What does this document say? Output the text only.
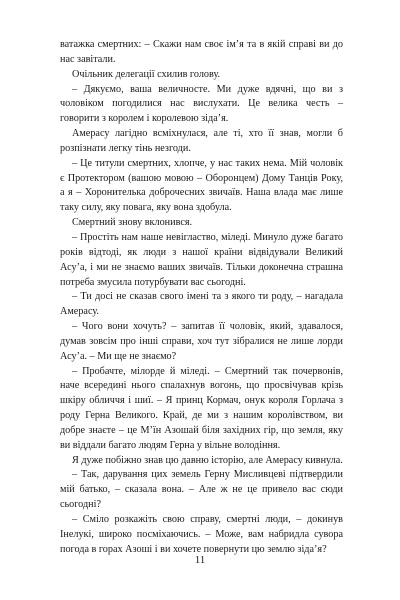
ватажка смертних: – Скажи нам своє ім’я та в якій справі ви до нас завітали.

Очільник делегації схилив голову.

– Дякуємо, ваша величносте. Ми дуже вдячні, що ви з чоловіком погодилися нас вислухати. Це велика честь – говорити з королем і королевою зіда’я.

Амерасу лагідно всміхнулася, але ті, хто її знав, могли б розпізнати легку тінь незгоди.

– Це титули смертних, хлопче, у нас таких нема. Мій чоловік є Протектором (вашою мовою – Оборонцем) Дому Танців Року, а я – Хоронителька доброчесних звичаїв. Наша влада має лише таку силу, яку повага, яку вона здобула.

Смертний знову вклонився.

– Простіть нам наше невігластво, міледі. Минуло дуже багато років відтоді, як люди з нашої країни відвідували Великий Асу’а, і ми не знаємо ваших звичаїв. Тільки доконечна страшна потреба змусила потурбувати вас сьогодні.

– Ти досі не сказав свого імені та з якого ти роду, – нагадала Амерасу.

– Чого вони хочуть? – запитав її чоловік, який, здавалося, думав зовсім про інші справи, хоч тут зібралися не лише лорди Асу’а. – Ми ще не знаємо?

– Пробачте, мілорде й міледі. – Смертний так почервонів, наче всередині нього спалахнув вогонь, що просвічував крізь шкіру обличчя і шиї. – Я принц Кормач, онук короля Горлача з роду Герна Великого. Край, де ми з нашим королівством, ви добре знаєте – це М’їн Азошай біля західних гір, що земля, яку ви віддали багато людям Герна у вільне володіння.

Я дуже побіжно знав цю давню історію, але Амерасу кивнула.

– Так, дарування цих земель Герну Мисливцеві підтвердили мій батько, – сказала вона. – Але ж не це привело вас сюди сьогодні?

– Сміло розкажіть свою справу, смертні люди, – докинув Інелукі, широко посміхаючись. – Може, вам набридла сувора погода в горах Азоші і ви хочете повернути цю землю зіда’я?

11
